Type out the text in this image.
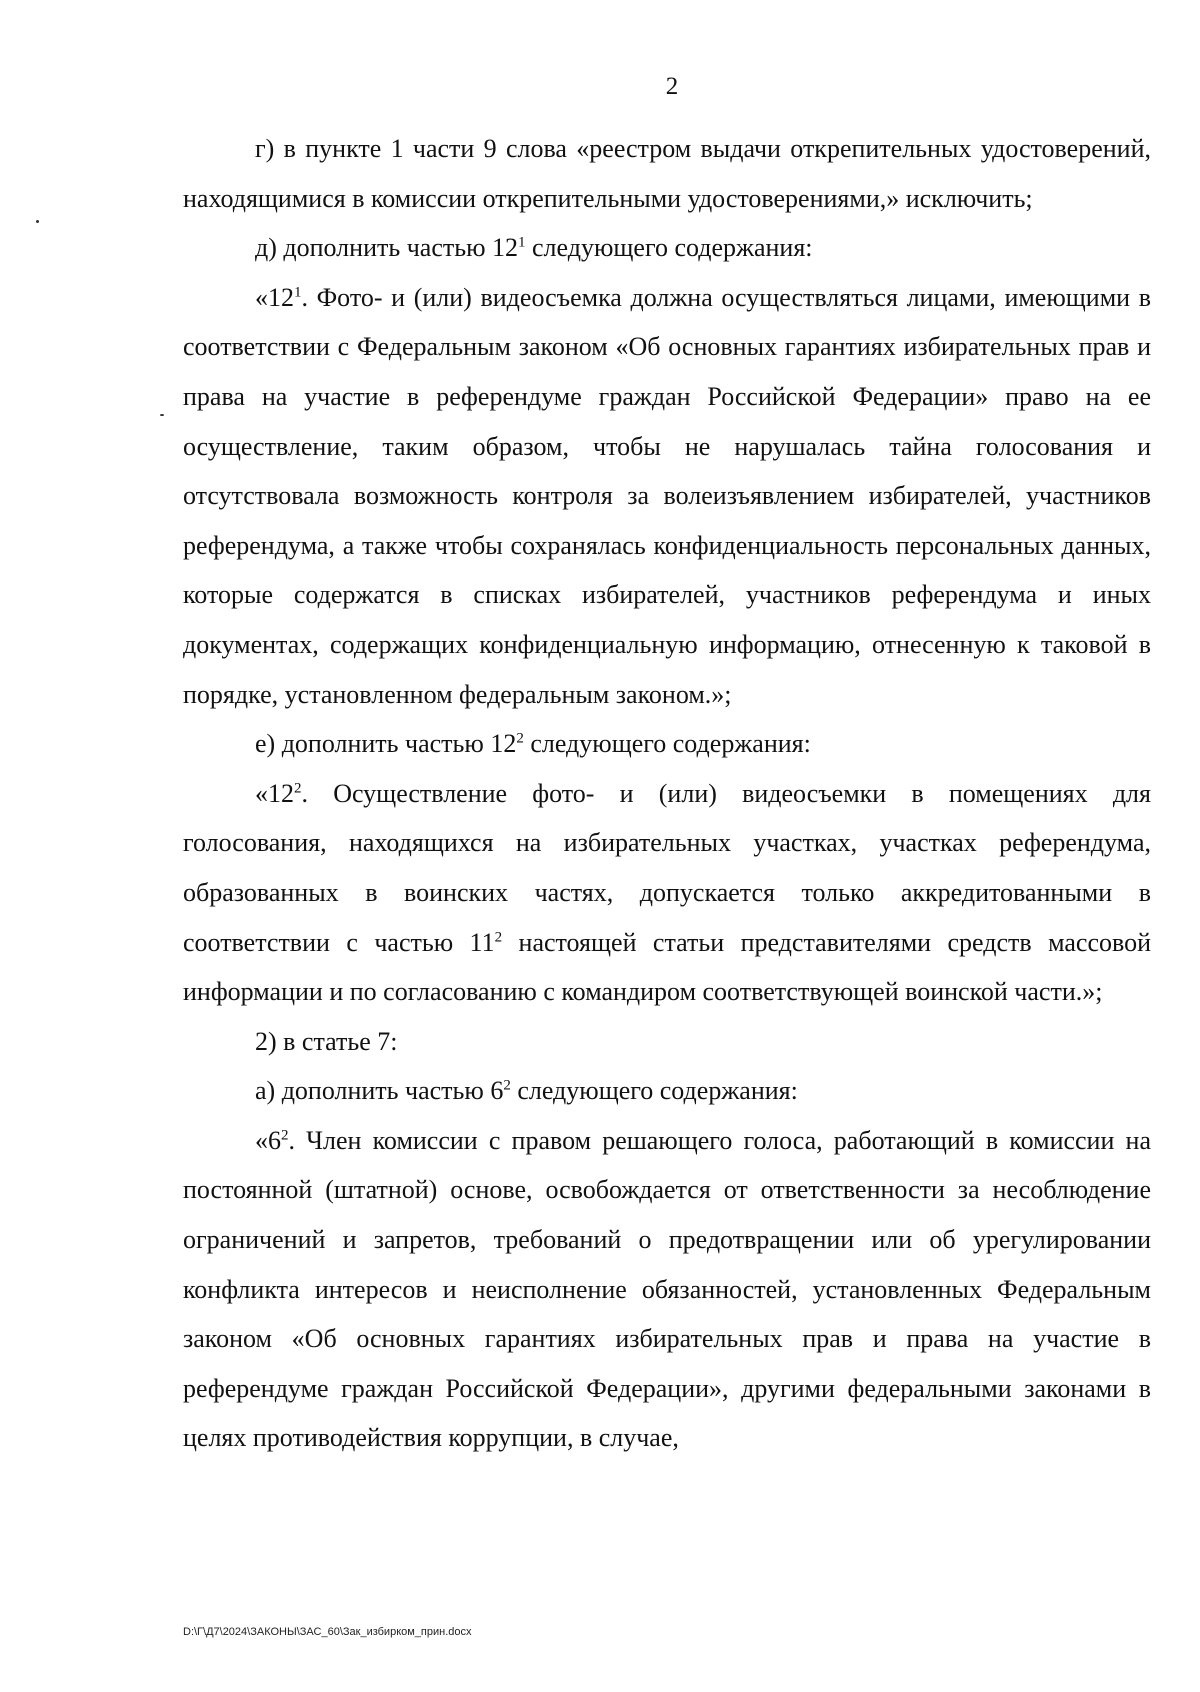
2

г) в пункте 1 части 9 слова «реестром выдачи открепительных удостоверений, находящимися в комиссии открепительными удостоверениями,» исключить;

д) дополнить частью $12^1$ следующего содержания:

«$12^1$. Фото- и (или) видеосъемка должна осуществляться лицами, имеющими в соответствии с Федеральным законом «Об основных гарантиях избирательных прав и права на участие в референдуме граждан Российской Федерации» право на ее осуществление, таким образом, чтобы не нарушалась тайна голосования и отсутствовала возможность контроля за волеизъявлением избирателей, участников референдума, а также чтобы сохранялась конфиденциальность персональных данных, которые содержатся в списках избирателей, участников референдума и иных документах, содержащих конфиденциальную информацию, отнесенную к таковой в порядке, установленном федеральным законом.»;

е) дополнить частью $12^2$ следующего содержания:

«$12^2$. Осуществление фото- и (или) видеосъемки в помещениях для голосования, находящихся на избирательных участках, участках референдума, образованных в воинских частях, допускается только аккредитованными в соответствии с частью $11^2$ настоящей статьи представителями средств массовой информации и по согласованию с командиром соответствующей воинской части.»;

2) в статье 7:

а) дополнить частью $6^2$ следующего содержания:

«$6^2$. Член комиссии с правом решающего голоса, работающий в комиссии на постоянной (штатной) основе, освобождается от ответственности за несоблюдение ограничений и запретов, требований о предотвращении или об урегулировании конфликта интересов и неисполнение обязанностей, установленных Федеральным законом «Об основных гарантиях избирательных прав и права на участие в референдуме граждан Российской Федерации», другими федеральными законами в целях противодействия коррупции, в случае,

D:\Г\Д7\2024\ЗАКОНЫ\ЗАС_60\Зак_избирком_прин.docx
